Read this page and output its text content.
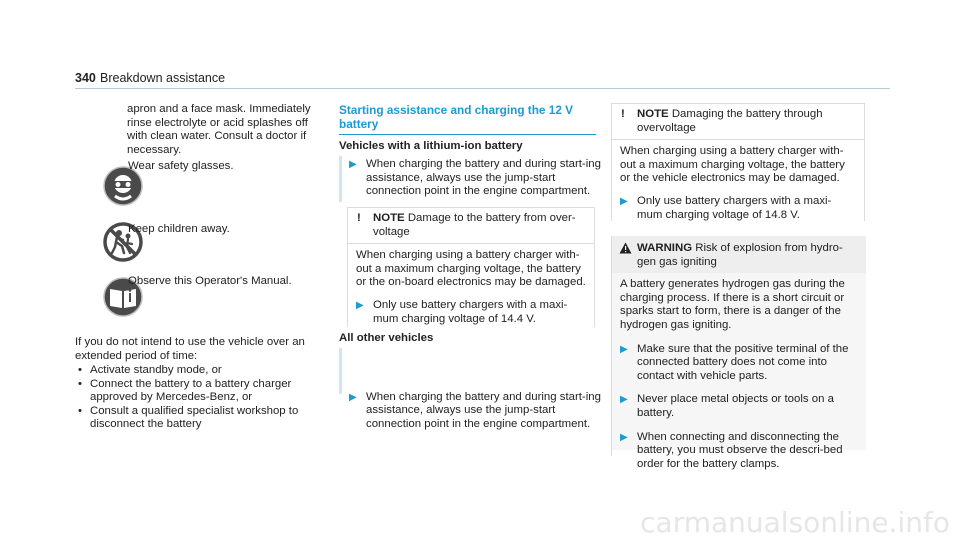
340 Breakdown assistance

apron and a face mask. Immediately rinse electrolyte or acid splashes off with clean water. Consult a doctor if necessary.

Wear safety glasses.
Keep children away.
Observe this Operator's Manual.

If you do not intend to use the vehicle over an extended period of time:

• Activate standby mode, or
• Connect the battery to a battery charger approved by Mercedes-Benz, or
• Consult a qualified specialist workshop to disconnect the battery
Starting assistance and charging the 12 V
battery
Vehicles with a lithium-ion battery
▶ When charging the battery and during start-ing assistance, always use the jump-start connection point in the engine compartment.
!	NOTE Damage to the battery from over-voltage

When charging using a battery charger with-out a maximum charging voltage, the battery or the on-board electronics may be damaged.

▶ Only use battery chargers with a maxi-mum charging voltage of 14.4 V.
All other vehicles
▶ When charging the battery and during start-ing assistance, always use the jump-start connection point in the engine compartment.
!	NOTE Damaging the battery through overvoltage

When charging using a battery charger with-out a maximum charging voltage, the battery or the vehicle electronics may be damaged.

▶ Only use battery chargers with a maxi-mum charging voltage of 14.8 V.
WARNING Risk of explosion from hydro-gen gas igniting

A battery generates hydrogen gas during the charging process. If there is a short circuit or sparks start to form, there is a danger of the hydrogen gas igniting.

▶ Make sure that the positive terminal of the connected battery does not come into contact with vehicle parts.
▶ Never place metal objects or tools on a battery.
▶ When connecting and disconnecting the battery, you must observe the descri-bed order for the battery clamps.
carmanualsonline.info
